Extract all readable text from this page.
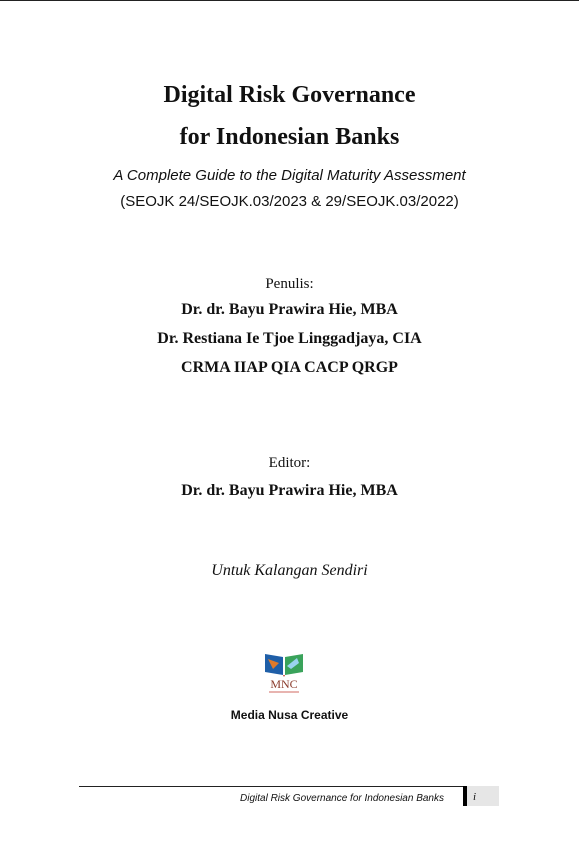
Digital Risk Governance
for Indonesian Banks
A Complete Guide to the Digital Maturity Assessment
(SEOJK 24/SEOJK.03/2023 & 29/SEOJK.03/2022)
Penulis:
Dr. dr. Bayu Prawira Hie, MBA
Dr. Restiana Ie Tjoe Linggadjaya, CIA
CRMA IIAP QIA CACP QRGP
Editor:
Dr. dr. Bayu Prawira Hie, MBA
Untuk Kalangan Sendiri
MNC
Media Nusa Creative
Digital Risk Governance for Indonesian Banks	i
